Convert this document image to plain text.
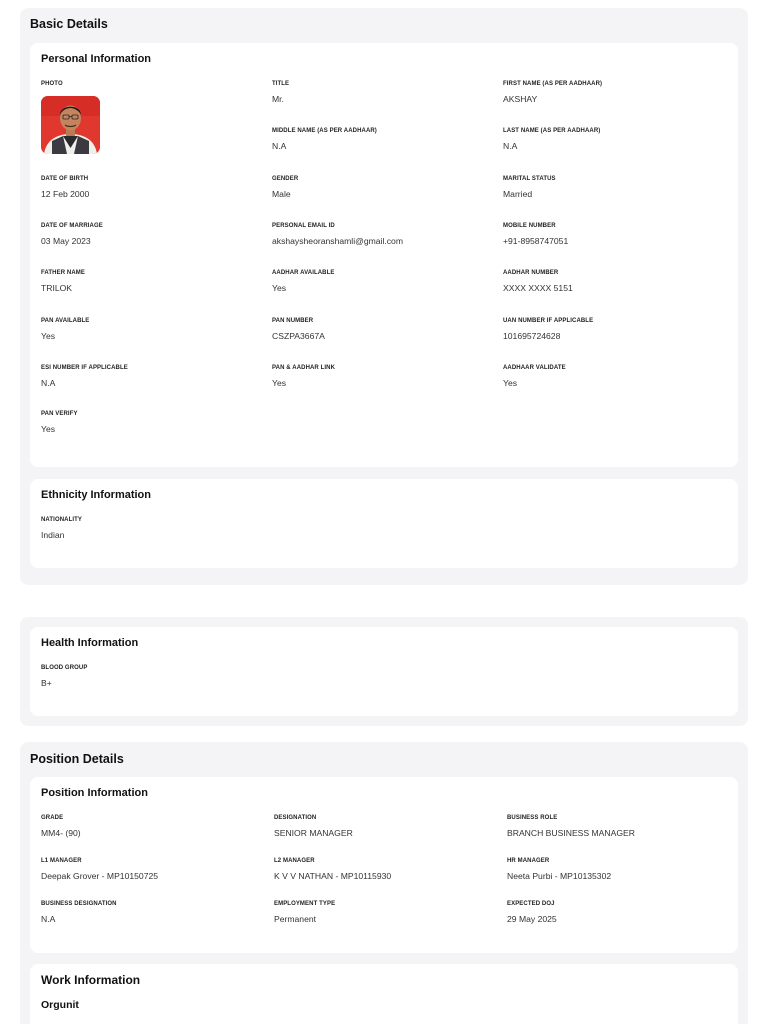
Basic Details
Personal Information
PHOTO	TITLE
Mr.
FIRST NAME (AS PER AADHAAR)
AKSHAY
MIDDLE NAME (AS PER AADHAAR)
N.A
LAST NAME (AS PER AADHAAR)
N.A
DATE OF BIRTH
12 Feb 2000
GENDER
Male
MARITAL STATUS
Married
DATE OF MARRIAGE
03 May 2023
PERSONAL EMAIL ID
akshaysheoranshamli@gmail.com
MOBILE NUMBER
+91-8958747051
FATHER NAME
TRILOK
AADHAR AVAILABLE
Yes
AADHAR NUMBER
XXXX XXXX 5151
PAN AVAILABLE
Yes
PAN NUMBER
CSZPA3667A
UAN NUMBER IF APPLICABLE
101695724628
ESI NUMBER IF APPLICABLE
N.A
PAN & AADHAR LINK
Yes
AADHAAR VALIDATE
Yes
PAN VERIFY
Yes
Ethnicity Information
NATIONALITY
Indian
Health Information
BLOOD GROUP
B+
Position Details
Position Information
GRADE
MM4- (90)
DESIGNATION
SENIOR MANAGER
BUSINESS ROLE
BRANCH BUSINESS MANAGER
L1 MANAGER
Deepak Grover - MP10150725
L2 MANAGER
K V V NATHAN - MP10115930
HR MANAGER
Neeta Purbi - MP10135302
BUSINESS DESIGNATION
N.A
EMPLOYMENT TYPE
Permanent
EXPECTED DOJ
29 May 2025
Work Information
Orgunit
